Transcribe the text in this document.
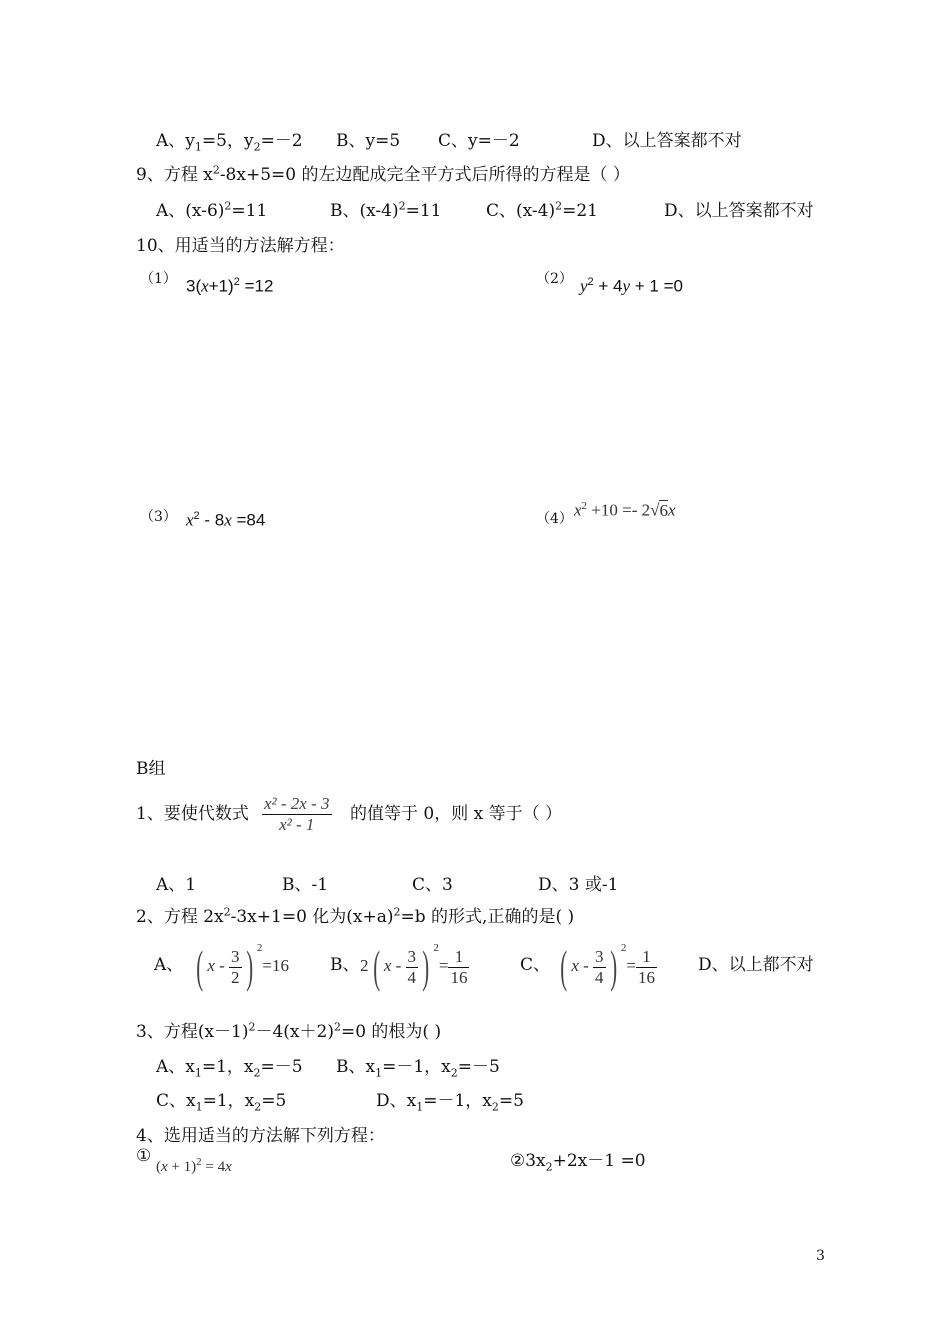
A、$y_1=5$，$y_2=-2$ B、y=5 C、y=－2	D、以上答案都不对
9、方程 $x^2-8x+5=0$ 的左边配成完全平方式后所得的方程是（ ）
A、$(x-6)^2=11$	B、$(x-4)^2=11$	C、$(x-4)^2=21$	D、以上答案都不对
10、用适当的方法解方程：
（1） $3(x+1)^2 =12$	（2） $y^2 + 4y + 1 =0$
（3） $x^2 - 8x =84$	（4） $x^2 +10 =- 2√6x$
B组
1、要使代数式 $\frac{\text{x² - 2x - 3}}{\text{x² - 1}}$ 的值等于 0，则 x 等于（ ）
A、1	B、-1	C、3	D、3 或-1
2、方程 $2x^2-3x+1=0$ 化为$(x+a)^2=b$ 的形式,正确的是( )
A、 ( x - $\frac{3}{2}$ ) $^2$=16 B、 2( x - $\frac{3}{4}$ ) $^2= \frac{1}{16}$	C、 ( x - $\frac{3}{4}$ ) $^2= \frac{1}{16}$ D、以上都不对
3、方程$(x-1)^2-4(x+2)^2=0$ 的根为( )
A、$x_1=1$，$x_2=-5$ B、$x_1=-1$，$x_2=-5$
C、$x_1=1$，$x_2=5$	D、$x_1=-1$，$x_2=5$
4、选用适当的方法解下列方程：
①
$(x + 1)^2 = 4x$	$②3x_2+2x-1 =0$
3
